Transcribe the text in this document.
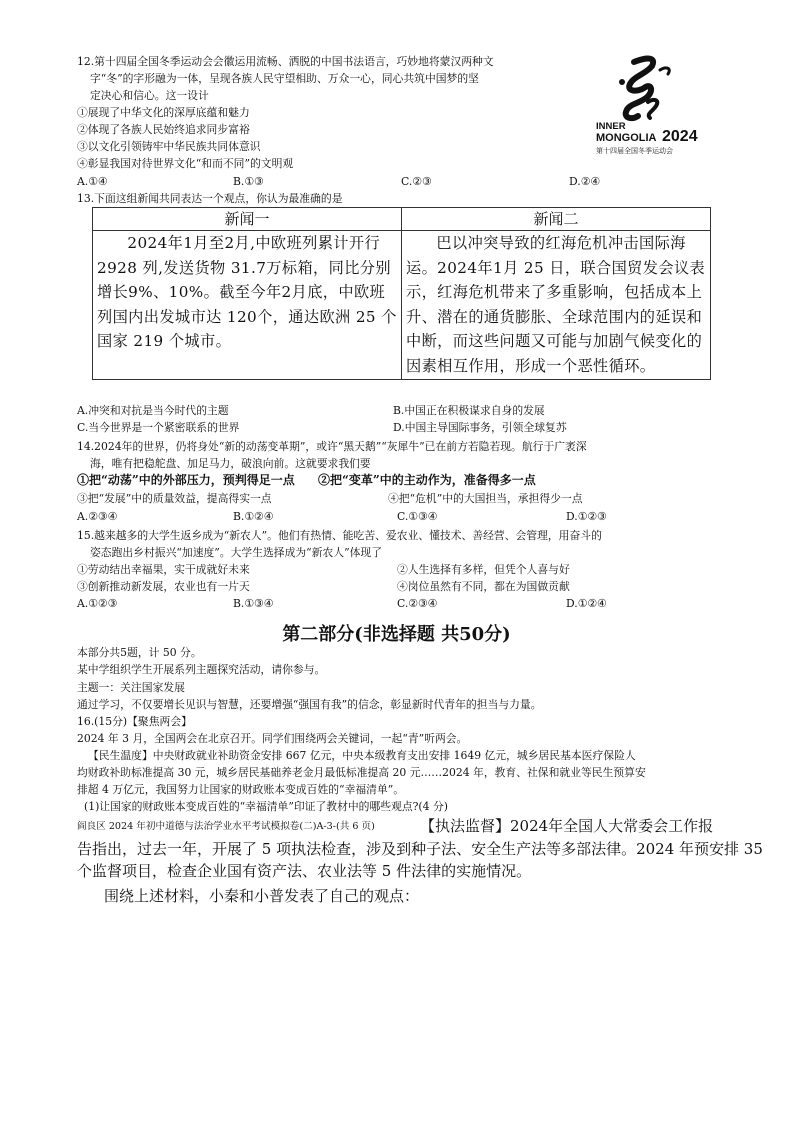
12.第十四届全国冬季运动会会徽运用流畅、洒脱的中国书法语言，巧妙地将蒙汉两种文
字“冬”的字形融为一体，呈现各族人民守望相助、万众一心，同心共筑中国梦的坚
定决心和信心。这一设计
①展现了中华文化的深厚底蕴和魅力
②体现了各族人民始终追求同步富裕
③以文化引领铸牢中华民族共同体意识
④彰显我国对待世界文化“和而不同”的文明观
A.①④	B.①③	C.②③	D.②④
INNER
MONGOLIA 2024
第十四届全国冬季运动会
13.下面这组新闻共同表达一个观点，你认为最准确的是
新闻一	新闻二
2024年1月至2月,中欧班列累计开行 2928 列,发送货物 31.7万标箱，同比分别增长9%、10%。截至今年2月底，中欧班列国内出发城市达 120个，通达欧洲 25 个国家 219 个城市。	巴以冲突导致的红海危机冲击国际海运。2024年1月 25 日，联合国贸发会议表示，红海危机带来了多重影响，包括成本上升、潜在的通货膨胀、全球范围内的延误和中断，而这些问题又可能与加剧气候变化的因素相互作用，形成一个恶性循环。
A.冲突和对抗是当今时代的主题	B.中国正在积极谋求自身的发展
C.当今世界是一个紧密联系的世界	D.中国主导国际事务，引领全球复苏
14.2024年的世界，仍将身处“新的动荡变革期”，或许“黑天鹅”“灰犀牛”已在前方若隐若现。航行于广袤深
海，唯有把稳舵盘、加足马力，破浪向前。这就要求我们要
①把“动荡”中的外部压力，预判得足一点 ②把“变革”中的主动作为，准备得多一点
③把“发展”中的质量效益，提高得实一点	④把“危机”中的大国担当，承担得少一点
A.②③④	B.①②④	C.①③④	D.①②③
15.越来越多的大学生返乡成为“新农人”。他们有热情、能吃苦、爱农业、懂技术、善经营、会管理，用奋斗的
姿态跑出乡村振兴“加速度”。大学生选择成为“新农人”体现了
①劳动结出幸福果，实干成就好未来	②人生选择有多样，但凭个人喜与好
③创新推动新发展，农业也有一片天	④岗位虽然有不同，都在为国做贡献
A.①②③	B.①③④	C.②③④	D.①②④
第二部分(非选择题 共50分)
本部分共5题，计 50 分。
某中学组织学生开展系列主题探究活动，请你参与。
主题一：关注国家发展
通过学习，不仅要增长见识与智慧，还要增强“强国有我”的信念，彰显新时代青年的担当与力量。
16.(15分)【聚焦两会】
2024 年 3 月，全国两会在北京召开。同学们围绕两会关键词，一起“青”听两会。
【民生温度】中央财政就业补助资金安排 667 亿元，中央本级教育支出安排 1649 亿元，城乡居民基本医疗保险人
均财政补助标准提高 30 元，城乡居民基础养老金月最低标准提高 20 元……2024 年，教育、社保和就业等民生预算安
排超 4 万亿元，我国努力让国家的财政账本变成百姓的“幸福清单”。
(1)让国家的财政账本变成百姓的“幸福清单”印证了教材中的哪些观点?(4 分)
阎良区 2024 年初中道德与法治学业水平考试模拟卷(二)A-3-(共 6 页)	【执法监督】2024年全国人大常委会工作报
告指出，过去一年，开展了 5 项执法检查，涉及到种子法、安全生产法等多部法律。2024 年预安排 35
个监督项目，检查企业国有资产法、农业法等 5 件法律的实施情况。
围绕上述材料，小秦和小普发表了自己的观点：
